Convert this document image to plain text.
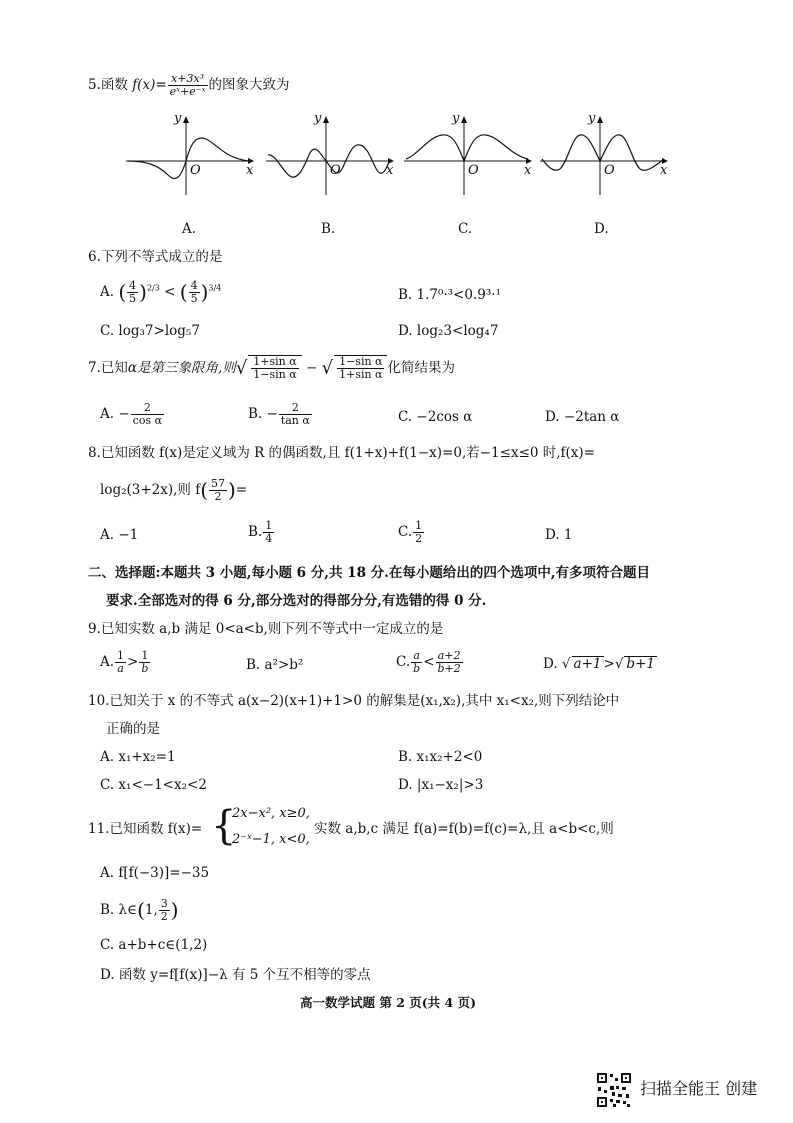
5.函数 $f(x)= \frac{\text{x+3x³}}{\text{eˣ+e⁻ˣ}}$ 的图象大致为
y
x
O
A.
y
x
O
B.
y
x
O
C.
y
x
O
D.
6.下列不等式成立的是
A. ( $\frac{4}{5} )^{2/3}$ < ( $\frac{4}{5} )^{3/4}$	B. 1.7⁰·³<0.9³·¹
C. log₃7>log₅7	D. log₂3<log₄7
7.已知α是第三象限角,则√ $\frac{\text{1+sin α}}{\text{1−sin α}}$ − √ $\frac{\text{1−sin α}}{\text{1+sin α}}$ 化简结果为
A. − $\frac{2}{\text{cos α}}$	B. − $\frac{2}{\text{tan α}}$	C. −2cos α	D. −2tan α
8.已知函数 f(x)是定义域为 R 的偶函数,且 f(1+x)+f(1−x)=0,若−1≤x≤0 时,f(x)=
log₂(3+2x),则 $f( \frac{57}{2}$ )=
A. −1	B. $\frac{1}{4}$	C. $\frac{1}{2}$	D. 1
二、选择题:本题共 3 小题,每小题 6 分,共 18 分.在每小题给出的四个选项中,有多项符合题目
要求.全部选对的得 6 分,部分选对的得部分分,有选错的得 0 分.
9.已知实数 a,b 满足 0<a<b,则下列不等式中一定成立的是
A. $\frac{1}{a} > \frac{1}{b}$	B. a²>b²	C. $\frac{a}{b} < \frac{a+2}{b+2}$	D. √ a+1 >√ b+1
10.已知关于 x 的不等式 a(x−2)(x+1)+1>0 的解集是(x₁,x₂),其中 x₁<x₂,则下列结论中
正确的是
A. x₁+x₂=1	B. x₁x₂+2<0
C. x₁<−1<x₂<2	D. |x₁−x₂|>3
11.已知函数 f(x)= {
2x−x², x≥0,
2⁻ˣ−1, x<0,
实数 a,b,c 满足 f(a)=f(b)=f(c)=λ,且 a<b<c,则
A. f[f(−3)]=−35
B. λ∈(1, $\frac{3}{2}$ )
C. a+b+c∈(1,2)
D. 函数 y=f[f(x)]−λ 有 5 个互不相等的零点
高一数学试题 第 2 页(共 4 页)
扫描全能王 创建
